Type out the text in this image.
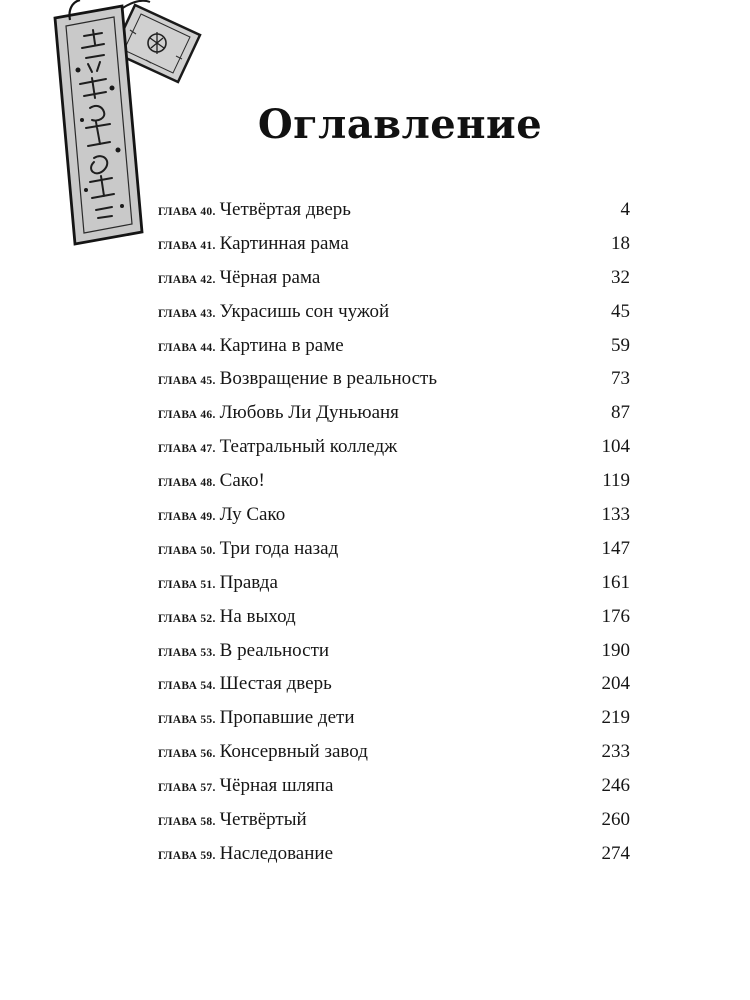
Оглавление
ГЛАВА 40. Четвёртая дверь	4
ГЛАВА 41. Картинная рама	18
ГЛАВА 42. Чёрная рама	32
ГЛАВА 43. Украсишь сон чужой	45
ГЛАВА 44. Картина в раме	59
ГЛАВА 45. Возвращение в реальность	73
ГЛАВА 46. Любовь Ли Дуньюаня	87
ГЛАВА 47. Театральный колледж	104
ГЛАВА 48. Сако!	119
ГЛАВА 49. Лу Сако	133
ГЛАВА 50. Три года назад	147
ГЛАВА 51. Правда	161
ГЛАВА 52. На выход	176
ГЛАВА 53. В реальности	190
ГЛАВА 54. Шестая дверь	204
ГЛАВА 55. Пропавшие дети	219
ГЛАВА 56. Консервный завод	233
ГЛАВА 57. Чёрная шляпа	246
ГЛАВА 58. Четвёртый	260
ГЛАВА 59. Наследование	274
